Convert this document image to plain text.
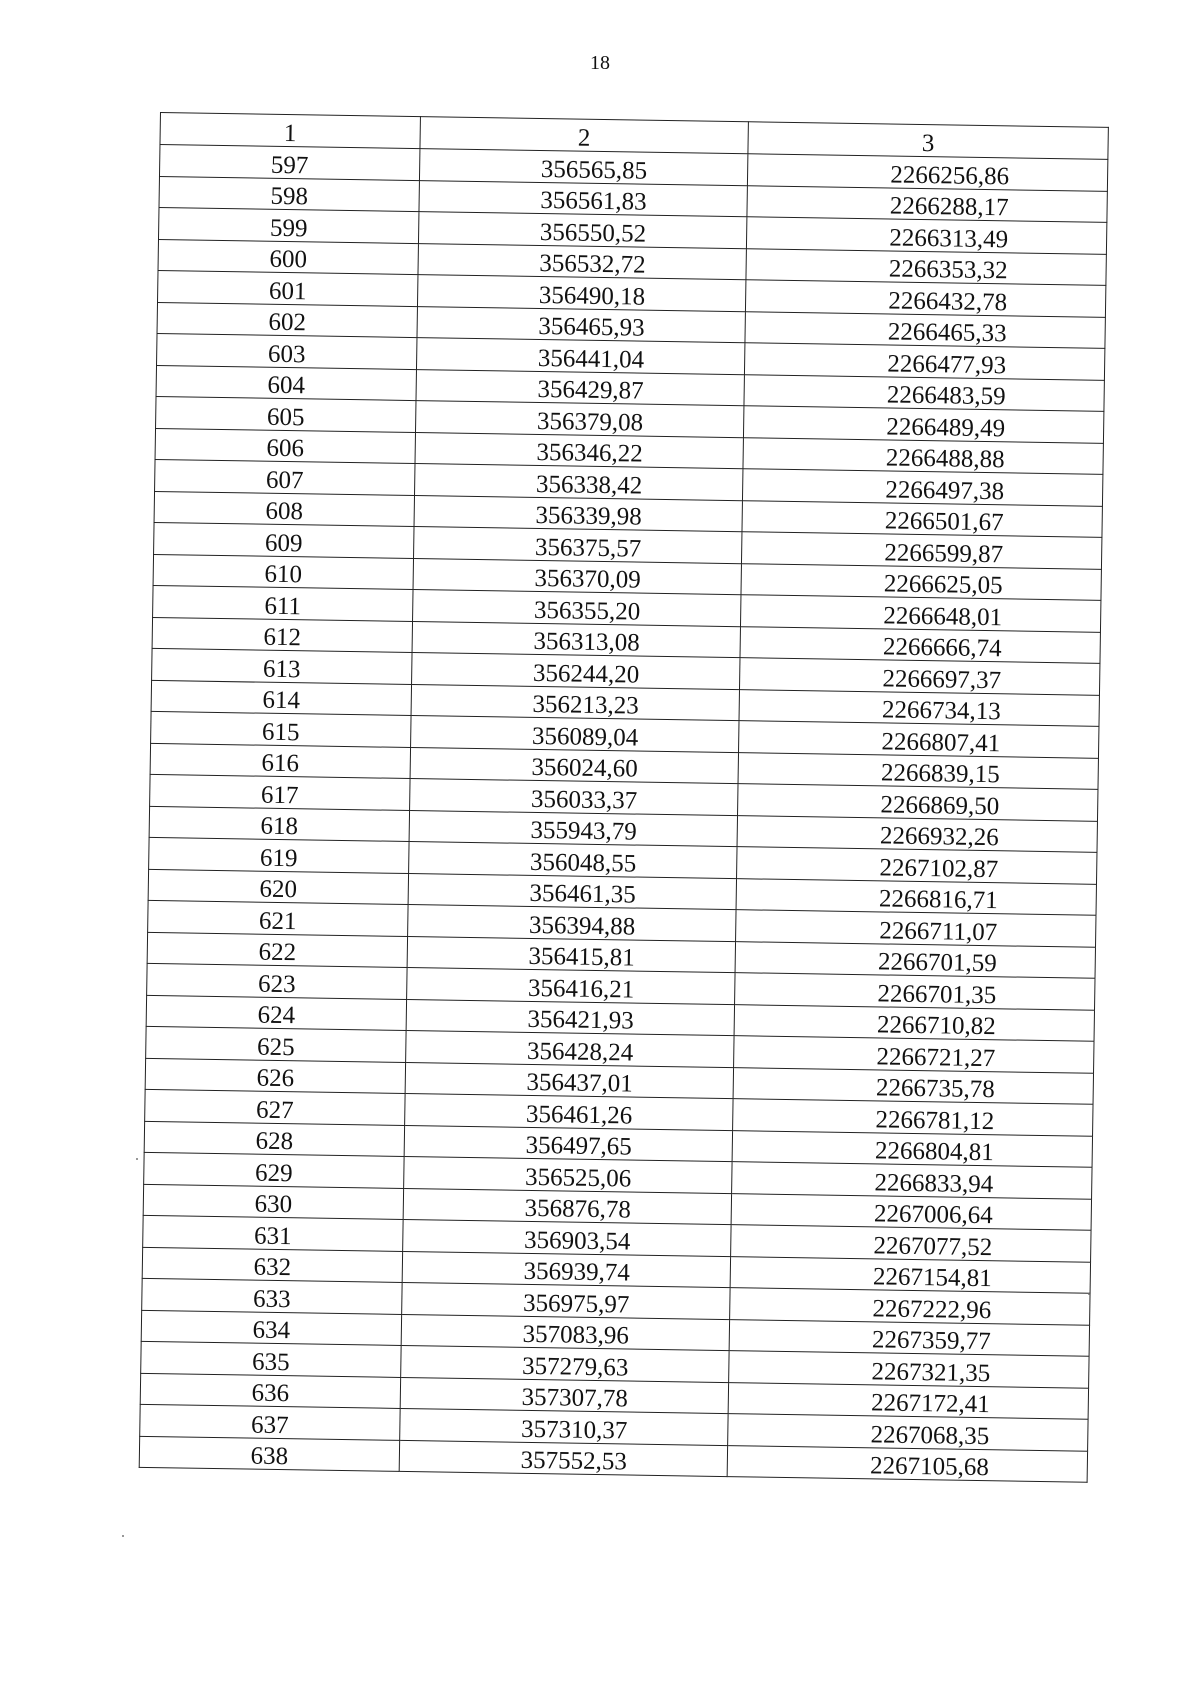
18
1	2	3
597	356565,85	2266256,86
598	356561,83	2266288,17
599	356550,52	2266313,49
600	356532,72	2266353,32
601	356490,18	2266432,78
602	356465,93	2266465,33
603	356441,04	2266477,93
604	356429,87	2266483,59
605	356379,08	2266489,49
606	356346,22	2266488,88
607	356338,42	2266497,38
608	356339,98	2266501,67
609	356375,57	2266599,87
610	356370,09	2266625,05
611	356355,20	2266648,01
612	356313,08	2266666,74
613	356244,20	2266697,37
614	356213,23	2266734,13
615	356089,04	2266807,41
616	356024,60	2266839,15
617	356033,37	2266869,50
618	355943,79	2266932,26
619	356048,55	2267102,87
620	356461,35	2266816,71
621	356394,88	2266711,07
622	356415,81	2266701,59
623	356416,21	2266701,35
624	356421,93	2266710,82
625	356428,24	2266721,27
626	356437,01	2266735,78
627	356461,26	2266781,12
628	356497,65	2266804,81
629	356525,06	2266833,94
630	356876,78	2267006,64
631	356903,54	2267077,52
632	356939,74	2267154,81
633	356975,97	2267222,96
634	357083,96	2267359,77
635	357279,63	2267321,35
636	357307,78	2267172,41
637	357310,37	2267068,35
638	357552,53	2267105,68
